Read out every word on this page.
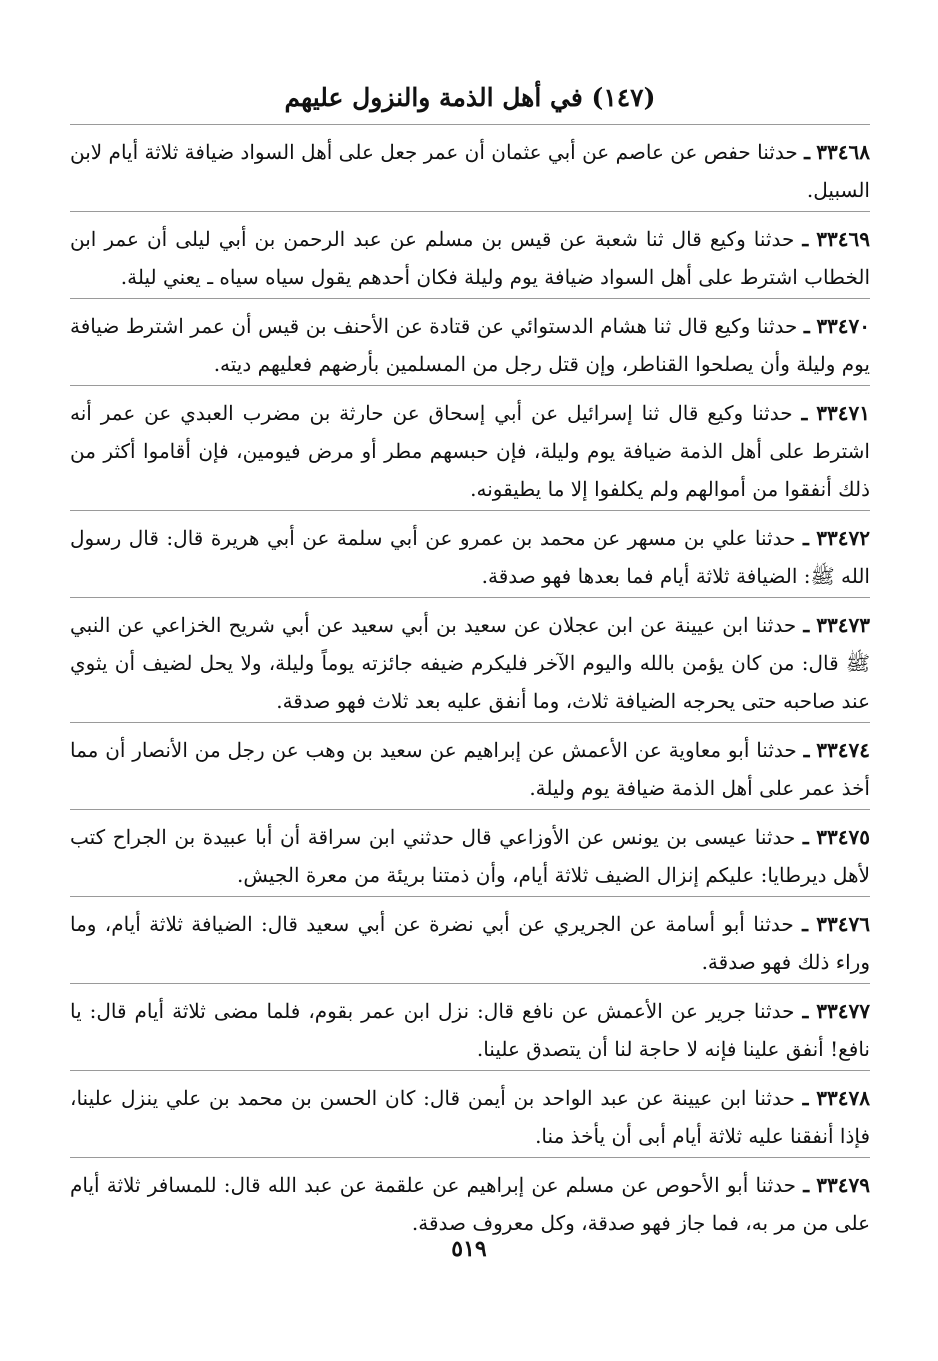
(١٤٧) في أهل الذمة والنزول عليهم

٣٣٤٦٨ ـ حدثنا حفص عن عاصم عن أبي عثمان أن عمر جعل على أهل السواد ضيافة ثلاثة أيام لابن السبيل.

٣٣٤٦٩ ـ حدثنا وكيع قال ثنا شعبة عن قيس بن مسلم عن عبد الرحمن بن أبي ليلى أن عمر ابن الخطاب اشترط على أهل السواد ضيافة يوم وليلة فكان أحدهم يقول سياه سياه ـ يعني ليلة.

٣٣٤٧٠ ـ حدثنا وكيع قال ثنا هشام الدستوائي عن قتادة عن الأحنف بن قيس أن عمر اشترط ضيافة يوم وليلة وأن يصلحوا القناطر، وإن قتل رجل من المسلمين بأرضهم فعليهم ديته.

٣٣٤٧١ ـ حدثنا وكيع قال ثنا إسرائيل عن أبي إسحاق عن حارثة بن مضرب العبدي عن عمر أنه اشترط على أهل الذمة ضيافة يوم وليلة، فإن حبسهم مطر أو مرض فيومين، فإن أقاموا أكثر من ذلك أنفقوا من أموالهم ولم يكلفوا إلا ما يطيقونه.

٣٣٤٧٢ ـ حدثنا علي بن مسهر عن محمد بن عمرو عن أبي سلمة عن أبي هريرة قال: قال رسول الله ﷺ: الضيافة ثلاثة أيام فما بعدها فهو صدقة.

٣٣٤٧٣ ـ حدثنا ابن عيينة عن ابن عجلان عن سعيد بن أبي سعيد عن أبي شريح الخزاعي عن النبي ﷺ قال: من كان يؤمن بالله واليوم الآخر فليكرم ضيفه جائزته يوماً وليلة، ولا يحل لضيف أن يثوي عند صاحبه حتى يحرجه الضيافة ثلاث، وما أنفق عليه بعد ثلاث فهو صدقة.

٣٣٤٧٤ ـ حدثنا أبو معاوية عن الأعمش عن إبراهيم عن سعيد بن وهب عن رجل من الأنصار أن مما أخذ عمر على أهل الذمة ضيافة يوم وليلة.

٣٣٤٧٥ ـ حدثنا عيسى بن يونس عن الأوزاعي قال حدثني ابن سراقة أن أبا عبيدة بن الجراح كتب لأهل ديرطايا: عليكم إنزال الضيف ثلاثة أيام، وأن ذمتنا بريئة من معرة الجيش.

٣٣٤٧٦ ـ حدثنا أبو أسامة عن الجريري عن أبي نضرة عن أبي سعيد قال: الضيافة ثلاثة أيام، وما وراء ذلك فهو صدقة.

٣٣٤٧٧ ـ حدثنا جرير عن الأعمش عن نافع قال: نزل ابن عمر بقوم، فلما مضى ثلاثة أيام قال: يا نافع! أنفق علينا فإنه لا حاجة لنا أن يتصدق علينا.

٣٣٤٧٨ ـ حدثنا ابن عيينة عن عبد الواحد بن أيمن قال: كان الحسن بن محمد بن علي ينزل علينا، فإذا أنفقنا عليه ثلاثة أيام أبى أن يأخذ منا.

٣٣٤٧٩ ـ حدثنا أبو الأحوص عن مسلم عن إبراهيم عن علقمة عن عبد الله قال: للمسافر ثلاثة أيام على من مر به، فما جاز فهو صدقة، وكل معروف صدقة.

٥١٩
